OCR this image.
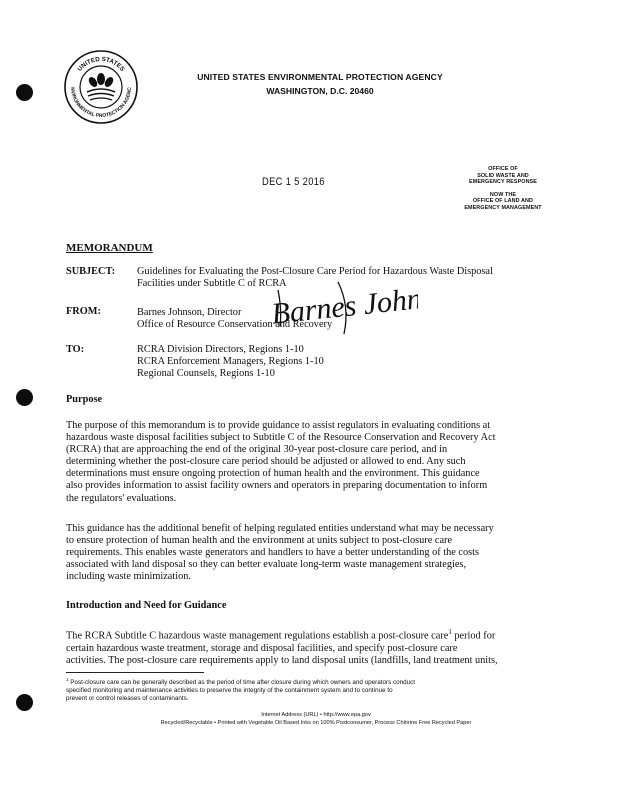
UNITED STATES
NVIRONMENTAL PROTECTION AGENC
UNITED STATES ENVIRONMENTAL PROTECTION AGENCY
WASHINGTON, D.C. 20460
DEC 1 5 2016
OFFICE OF
SOLID WASTE AND
EMERGENCY RESPONSE
NOW THE
OFFICE OF LAND AND
EMERGENCY MANAGEMENT
MEMORANDUM
SUBJECT: Guidelines for Evaluating the Post-Closure Care Period for Hazardous Waste Disposal
Facilities under Subtitle C of RCRA
FROM:	Barnes Johnson, Director
Office of Resource Conservation and Recovery
Barnes Johnson
TO:	RCRA Division Directors, Regions 1-10
RCRA Enforcement Managers, Regions 1-10
Regional Counsels, Regions 1-10
Purpose
The purpose of this memorandum is to provide guidance to assist regulators in evaluating conditions at
hazardous waste disposal facilities subject to Subtitle C of the Resource Conservation and Recovery Act
(RCRA) that are approaching the end of the original 30-year post-closure care period, and in
determining whether the post-closure care period should be adjusted or allowed to end. Any such
determinations must ensure ongoing protection of human health and the environment. This guidance
also provides information to assist facility owners and operators in preparing documentation to inform
the regulators' evaluations.
This guidance has the additional benefit of helping regulated entities understand what may be necessary
to ensure protection of human health and the environment at units subject to post-closure care
requirements. This enables waste generators and handlers to have a better understanding of the costs
associated with land disposal so they can better evaluate long-term waste management strategies,
including waste minimization.
Introduction and Need for Guidance
The RCRA Subtitle C hazardous waste management regulations establish a post-closure care$^1$ period for
certain hazardous waste treatment, storage and disposal facilities, and specify post-closure care
activities. The post-closure care requirements apply to land disposal units (landfills, land treatment units,
$^1$ Post-closure care can be generally described as the period of time after closure during which owners and operators conduct
specified monitoring and maintenance activities to preserve the integrity of the containment system and to continue to
prevent or control releases of contaminants.
Internet Address (URL) • http://www.epa.gov
Recycled/Recyclable • Printed with Vegetable Oil Based Inks on 100% Postconsumer, Process Chlorine Free Recycled Paper
